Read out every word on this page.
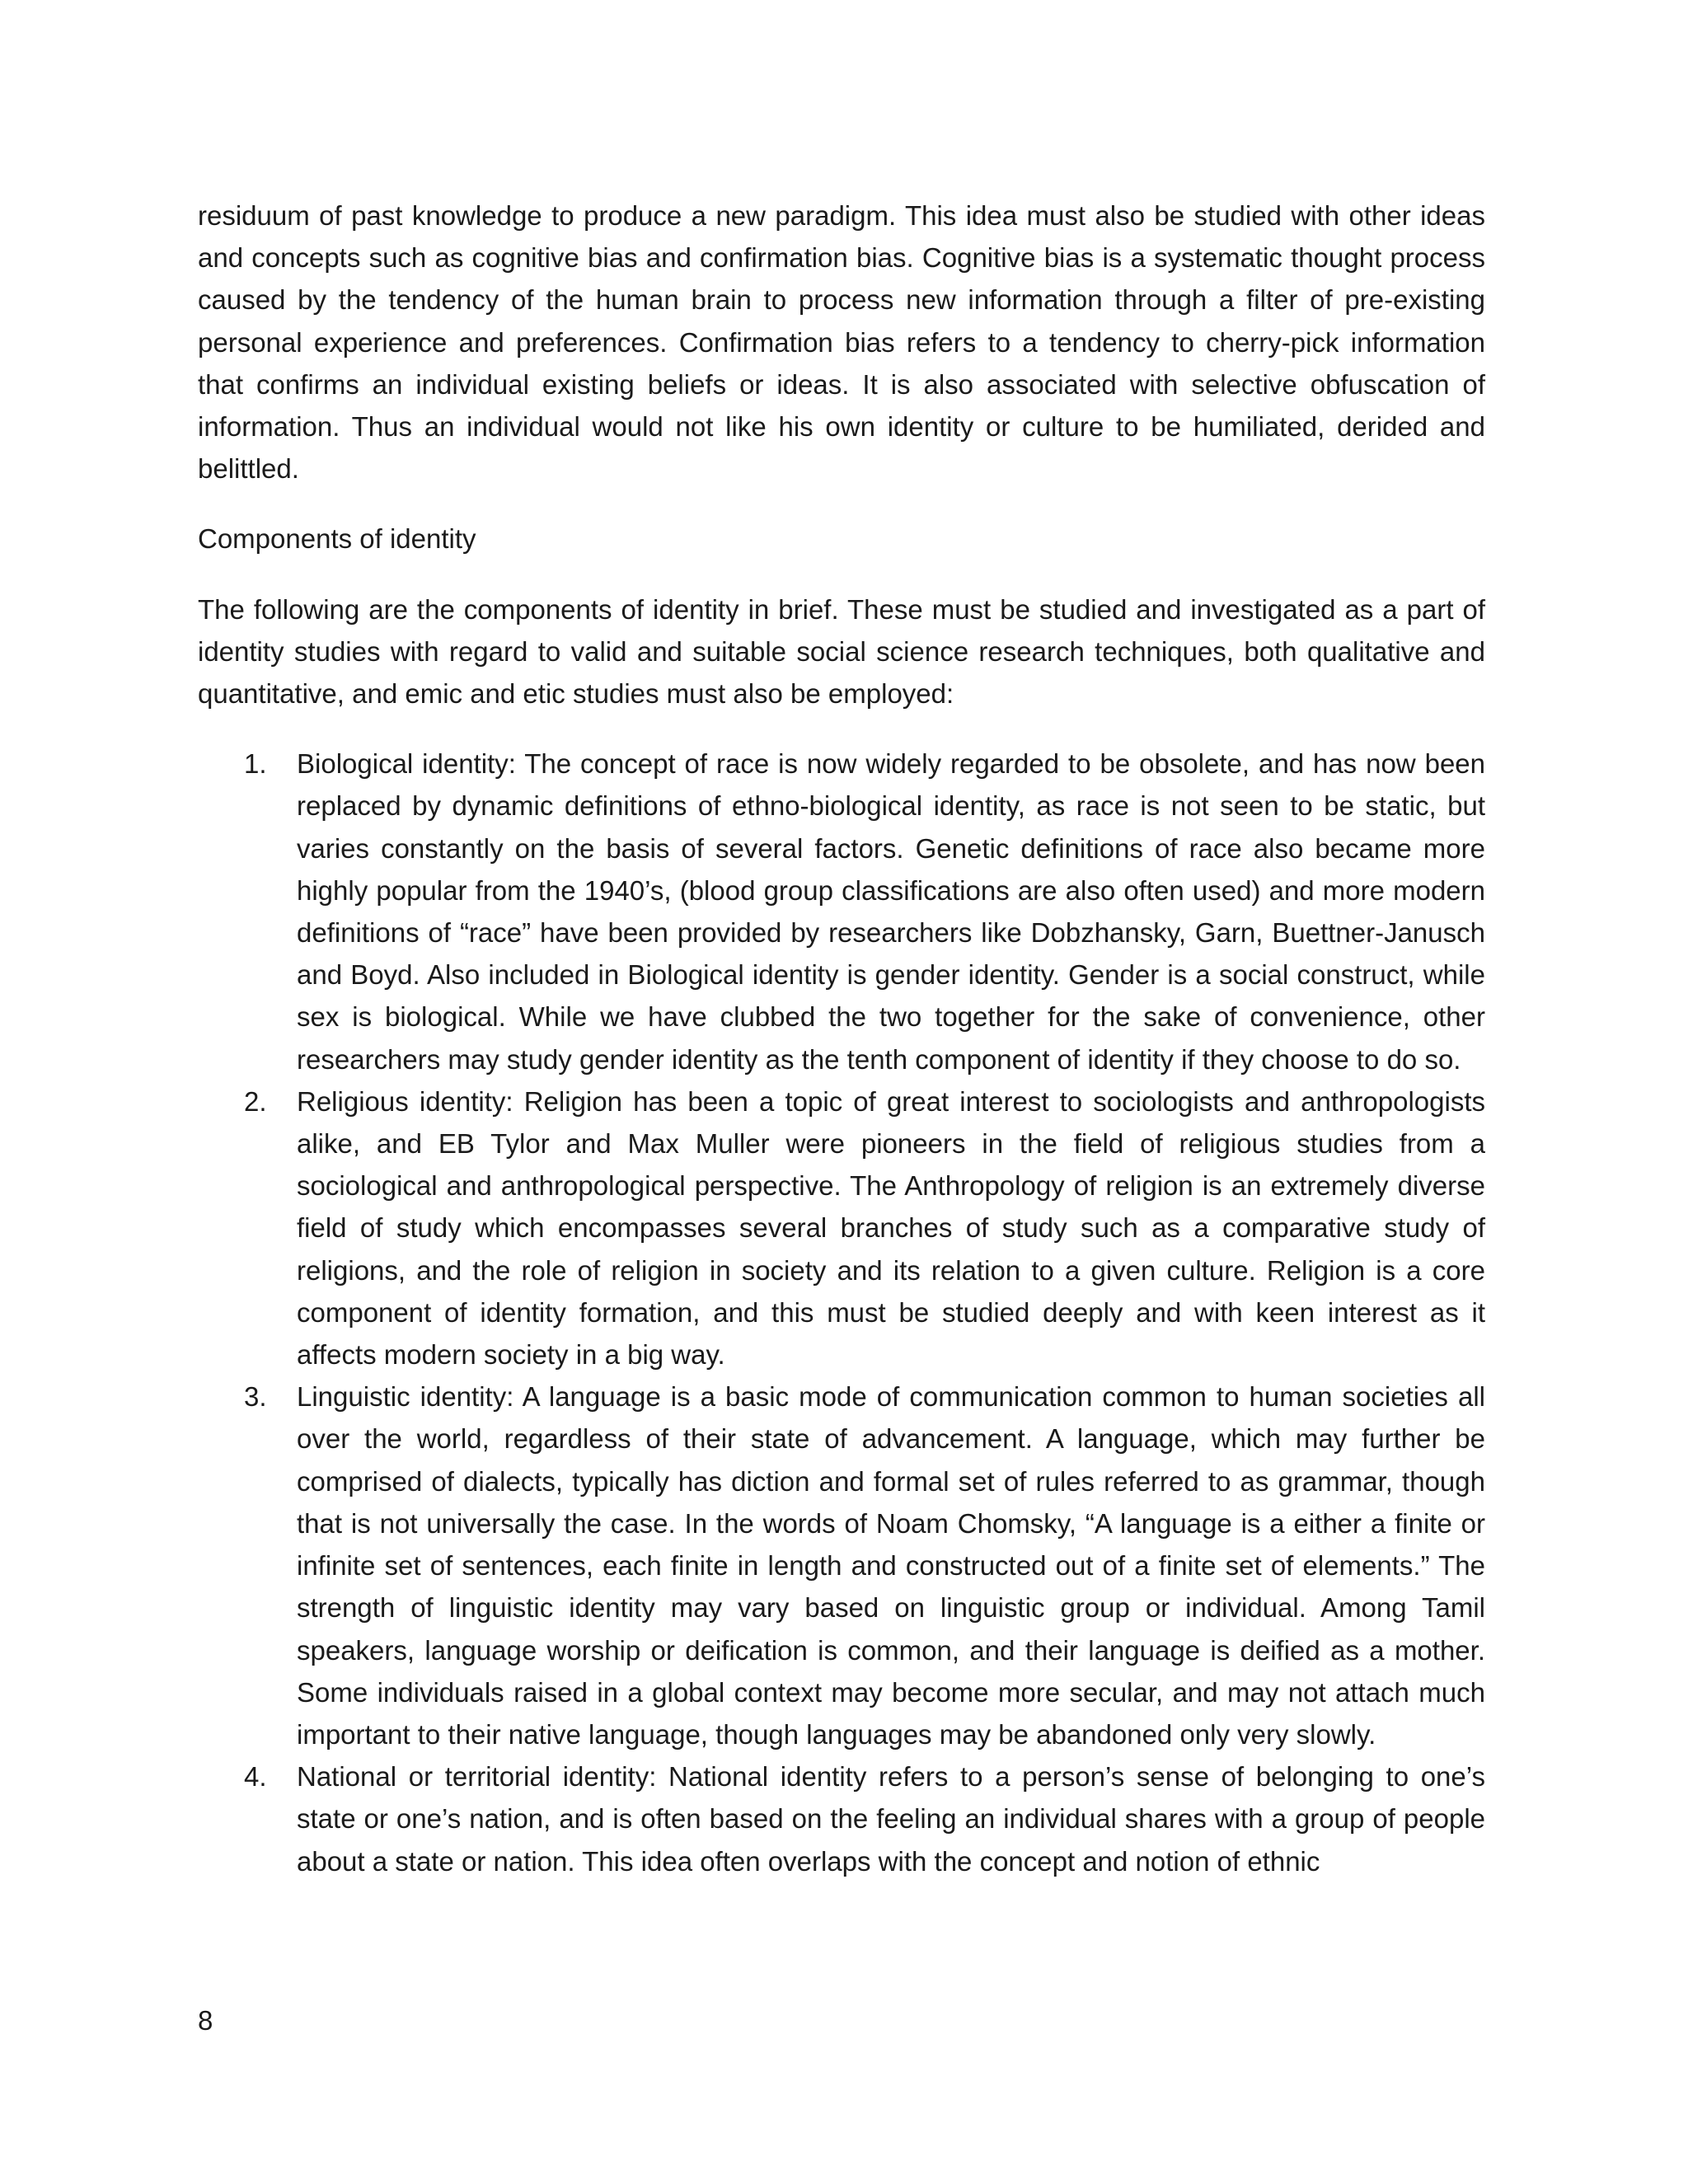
residuum of past knowledge to produce a new paradigm. This idea must also be studied with other ideas and concepts such as cognitive bias and confirmation bias. Cognitive bias is a systematic thought process caused by the tendency of the human brain to process new information through a filter of pre-existing personal experience and preferences. Confirmation bias refers to a tendency to cherry-pick information that confirms an individual existing beliefs or ideas. It is also associated with selective obfuscation of information. Thus an individual would not like his own identity or culture to be humiliated, derided and belittled.

Components of identity

The following are the components of identity in brief. These must be studied and investigated as a part of identity studies with regard to valid and suitable social science research techniques, both qualitative and quantitative, and emic and etic studies must also be employed:

1. Biological identity: The concept of race is now widely regarded to be obsolete, and has now been replaced by dynamic definitions of ethno-biological identity, as race is not seen to be static, but varies constantly on the basis of several factors. Genetic definitions of race also became more highly popular from the 1940’s, (blood group classifications are also often used) and more modern definitions of “race” have been provided by researchers like Dobzhansky, Garn, Buettner-Janusch and Boyd. Also included in Biological identity is gender identity. Gender is a social construct, while sex is biological. While we have clubbed the two together for the sake of convenience, other researchers may study gender identity as the tenth component of identity if they choose to do so.
2. Religious identity: Religion has been a topic of great interest to sociologists and anthropologists alike, and EB Tylor and Max Muller were pioneers in the field of religious studies from a sociological and anthropological perspective. The Anthropology of religion is an extremely diverse field of study which encompasses several branches of study such as a comparative study of religions, and the role of religion in society and its relation to a given culture. Religion is a core component of identity formation, and this must be studied deeply and with keen interest as it affects modern society in a big way.
3. Linguistic identity: A language is a basic mode of communication common to human societies all over the world, regardless of their state of advancement. A language, which may further be comprised of dialects, typically has diction and formal set of rules referred to as grammar, though that is not universally the case. In the words of Noam Chomsky, “A language is a either a finite or infinite set of sentences, each finite in length and constructed out of a finite set of elements.” The strength of linguistic identity may vary based on linguistic group or individual. Among Tamil speakers, language worship or deification is common, and their language is deified as a mother. Some individuals raised in a global context may become more secular, and may not attach much important to their native language, though languages may be abandoned only very slowly.
4. National or territorial identity: National identity refers to a person’s sense of belonging to one’s state or one’s nation, and is often based on the feeling an individual shares with a group of people about a state or nation. This idea often overlaps with the concept and notion of ethnic
8
